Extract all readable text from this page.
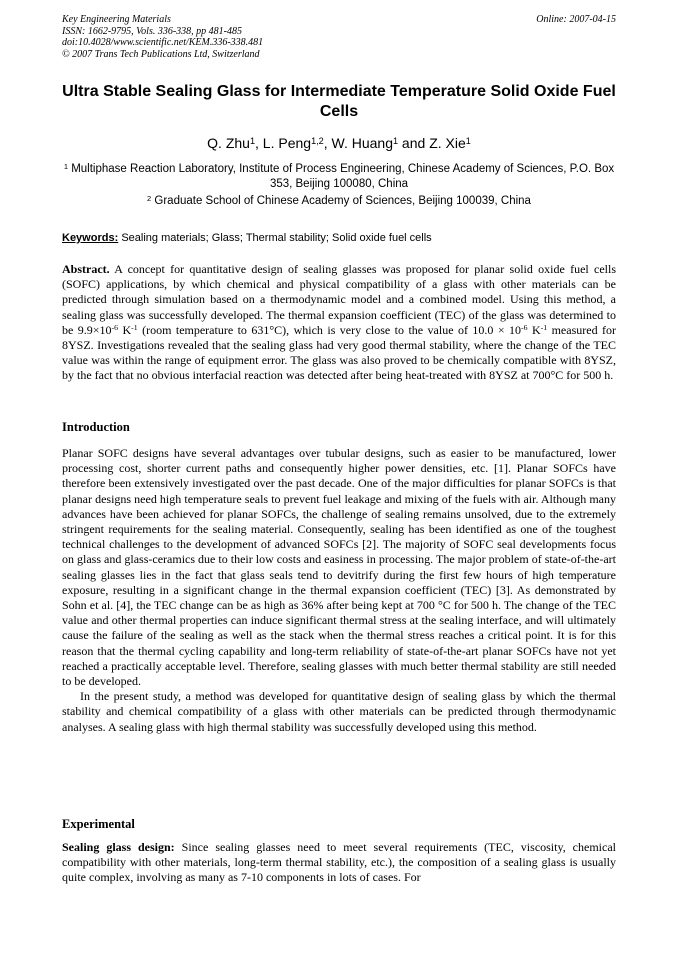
Key Engineering Materials
ISSN: 1662-9795, Vols. 336-338, pp 481-485
doi:10.4028/www.scientific.net/KEM.336-338.481
© 2007 Trans Tech Publications Ltd, Switzerland
Online: 2007-04-15
Ultra Stable Sealing Glass for Intermediate Temperature Solid Oxide Fuel Cells
Q. Zhu$^1$, L. Peng$^{1,2}$, W. Huang$^1$ and Z. Xie$^1$
$^1$ Multiphase Reaction Laboratory, Institute of Process Engineering, Chinese Academy of Sciences, P.O. Box 353, Beijing 100080, China
$^2$ Graduate School of Chinese Academy of Sciences, Beijing 100039, China
Keywords: Sealing materials; Glass; Thermal stability; Solid oxide fuel cells

Abstract. A concept for quantitative design of sealing glasses was proposed for planar solid oxide fuel cells (SOFC) applications, by which chemical and physical compatibility of a glass with other materials can be predicted through simulation based on a thermodynamic model and a combined model. Using this method, a sealing glass was successfully developed. The thermal expansion coefficient (TEC) of the glass was determined to be $9.9\times 10^{-6}$ $K^{-1}$ (room temperature to 631°C), which is very close to the value of $10.0 \times 10^{-6}$ $K^{-1}$ measured for 8YSZ. Investigations revealed that the sealing glass had very good thermal stability, where the change of the TEC value was within the range of equipment error. The glass was also proved to be chemically compatible with 8YSZ, by the fact that no obvious interfacial reaction was detected after being heat-treated with 8YSZ at 700°C for 500 h.

Introduction

Planar SOFC designs have several advantages over tubular designs, such as easier to be manufactured, lower processing cost, shorter current paths and consequently higher power densities, etc. [1]. Planar SOFCs have therefore been extensively investigated over the past decade. One of the major difficulties for planar SOFCs is that planar designs need high temperature seals to prevent fuel leakage and mixing of the fuels with air. Although many advances have been achieved for planar SOFCs, the challenge of sealing remains unsolved, due to the extremely stringent requirements for the sealing material. Consequently, sealing has been identified as one of the toughest technical challenges to the development of advanced SOFCs [2]. The majority of SOFC seal developments focus on glass and glass-ceramics due to their low costs and easiness in processing. The major problem of state-of-the-art sealing glasses lies in the fact that glass seals tend to devitrify during the first few hours of high temperature exposure, resulting in a significant change in the thermal expansion coefficient (TEC) [3]. As demonstrated by Sohn et al. [4], the TEC change can be as high as 36% after being kept at 700 °C for 500 h. The change of the TEC value and other thermal properties can induce significant thermal stress at the sealing interface, and will ultimately cause the failure of the sealing as well as the stack when the thermal stress reaches a critical point. It is for this reason that the thermal cycling capability and long-term reliability of state-of-the-art planar SOFCs have not yet reached a practically acceptable level. Therefore, sealing glasses with much better thermal stability are still needed to be developed.

In the present study, a method was developed for quantitative design of sealing glass by which the thermal stability and chemical compatibility of a glass with other materials can be predicted through thermodynamic analyses. A sealing glass with high thermal stability was successfully developed using this method.

Experimental

Sealing glass design: Since sealing glasses need to meet several requirements (TEC, viscosity, chemical compatibility with other materials, long-term thermal stability, etc.), the composition of a sealing glass is usually quite complex, involving as many as 7-10 components in lots of cases. For
